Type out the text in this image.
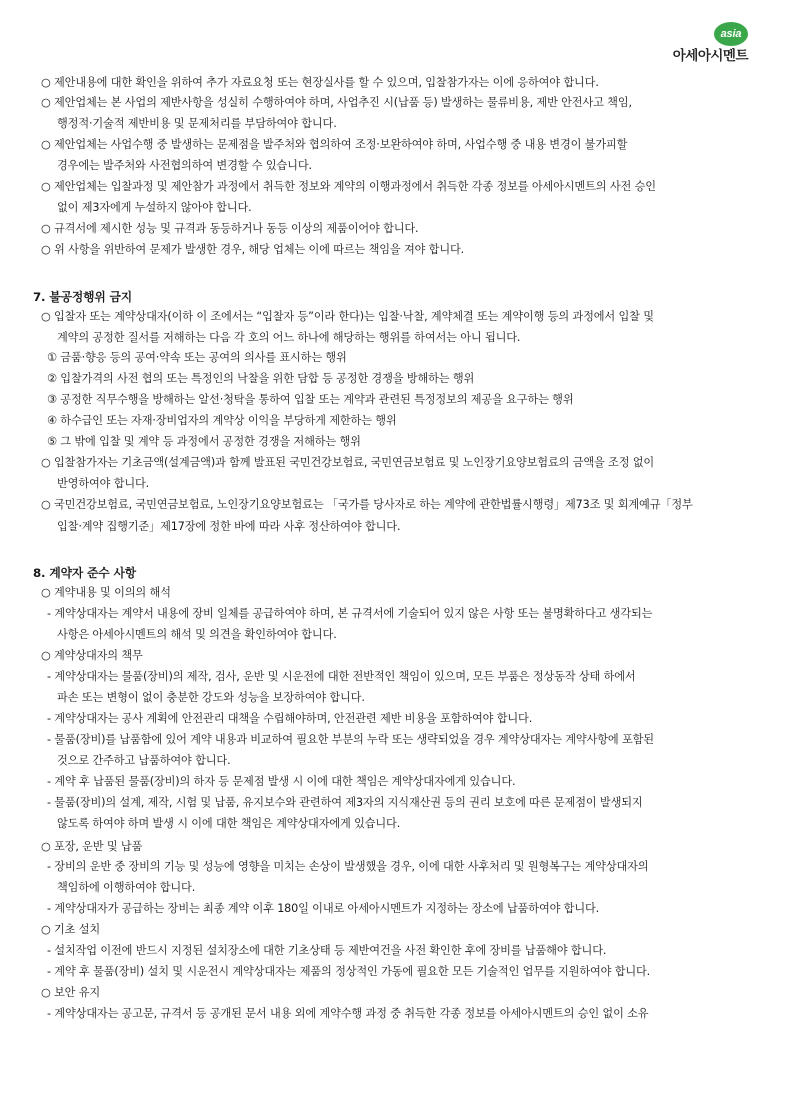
asia
아세아시멘트
○ 제안내용에 대한 확인을 위하여 추가 자료요청 또는 현장실사를 할 수 있으며, 입찰참가자는 이에 응하여야 합니다.
○ 제안업체는 본 사업의 제반사항을 성실히 수행하여야 하며, 사업추진 시(납품 등) 발생하는 물류비용, 제반 안전사고 책임,
행정적·기술적 제반비용 및 문제처리를 부담하여야 합니다.
○ 제안업체는 사업수행 중 발생하는 문제점을 발주처와 협의하여 조정·보완하여야 하며, 사업수행 중 내용 변경이 불가피할
경우에는 발주처와 사전협의하여 변경할 수 있습니다.
○ 제안업체는 입찰과정 및 제안참가 과정에서 취득한 정보와 계약의 이행과정에서 취득한 각종 정보를 아세아시멘트의 사전 승인
없이 제3자에게 누설하지 않아야 합니다.
○ 규격서에 제시한 성능 및 규격과 동등하거나 동등 이상의 제품이어야 합니다.
○ 위 사항을 위반하여 문제가 발생한 경우, 해당 업체는 이에 따르는 책임을 져야 합니다.
7. 불공정행위 금지
○ 입찰자 또는 계약상대자(이하 이 조에서는 “입찰자 등”이라 한다)는 입찰·낙찰, 계약체결 또는 계약이행 등의 과정에서 입찰 및
계약의 공정한 질서를 저해하는 다음 각 호의 어느 하나에 해당하는 행위를 하여서는 아니 됩니다.
① 금품·향응 등의 공여·약속 또는 공여의 의사를 표시하는 행위
② 입찰가격의 사전 협의 또는 특정인의 낙찰을 위한 담합 등 공정한 경쟁을 방해하는 행위
③ 공정한 직무수행을 방해하는 알선·청탁을 통하여 입찰 또는 계약과 관련된 특정정보의 제공을 요구하는 행위
④ 하수급인 또는 자재·장비업자의 계약상 이익을 부당하게 제한하는 행위
⑤ 그 밖에 입찰 및 계약 등 과정에서 공정한 경쟁을 저해하는 행위
○ 입찰참가자는 기초금액(설계금액)과 함께 발표된 국민건강보험료, 국민연금보험료 및 노인장기요양보험료의 금액을 조정 없이
반영하여야 합니다.
○ 국민건강보험료, 국민연금보험료, 노인장기요양보험료는 「국가를 당사자로 하는 계약에 관한법률시행령」제73조 및 회계예규「정부
입찰·계약 집행기준」제17장에 정한 바에 따라 사후 정산하여야 합니다.
8. 계약자 준수 사항
○ 계약내용 및 이의의 해석
- 계약상대자는 계약서 내용에 장비 일체를 공급하여야 하며, 본 규격서에 기술되어 있지 않은 사항 또는 불명확하다고 생각되는
사항은 아세아시멘트의 해석 및 의견을 확인하여야 합니다.
○ 계약상대자의 책무
- 계약상대자는 물품(장비)의 제작, 검사, 운반 및 시운전에 대한 전반적인 책임이 있으며, 모든 부품은 정상동작 상태 하에서
파손 또는 변형이 없이 충분한 강도와 성능을 보장하여야 합니다.
- 계약상대자는 공사 계획에 안전관리 대책을 수립해야하며, 안전관련 제반 비용을 포함하여야 합니다.
- 물품(장비)를 납품함에 있어 계약 내용과 비교하여 필요한 부분의 누락 또는 생략되었을 경우 계약상대자는 계약사항에 포함된
것으로 간주하고 납품하여야 합니다.
- 계약 후 납품된 물품(장비)의 하자 등 문제점 발생 시 이에 대한 책임은 계약상대자에게 있습니다.
- 물품(장비)의 설계, 제작, 시험 및 납품, 유지보수와 관련하여 제3자의 지식재산권 등의 권리 보호에 따른 문제점이 발생되지
않도록 하여야 하며 발생 시 이에 대한 책임은 계약상대자에게 있습니다.
○ 포장, 운반 및 납품
- 장비의 운반 중 장비의 기능 및 성능에 영향을 미치는 손상이 발생했을 경우, 이에 대한 사후처리 및 원형복구는 계약상대자의
책임하에 이행하여야 합니다.
- 계약상대자가 공급하는 장비는 최종 계약 이후 180일 이내로 아세아시멘트가 지정하는 장소에 납품하여야 합니다.
○ 기초 설치
- 설치작업 이전에 반드시 지정된 설치장소에 대한 기초상태 등 제반여건을 사전 확인한 후에 장비를 납품해야 합니다.
- 계약 후 물품(장비) 설치 및 시운전시 계약상대자는 제품의 정상적인 가동에 필요한 모든 기술적인 업무를 지원하여야 합니다.
○ 보안 유지
- 계약상대자는 공고문, 규격서 등 공개된 문서 내용 외에 계약수행 과정 중 취득한 각종 정보를 아세아시멘트의 승인 없이 소유
